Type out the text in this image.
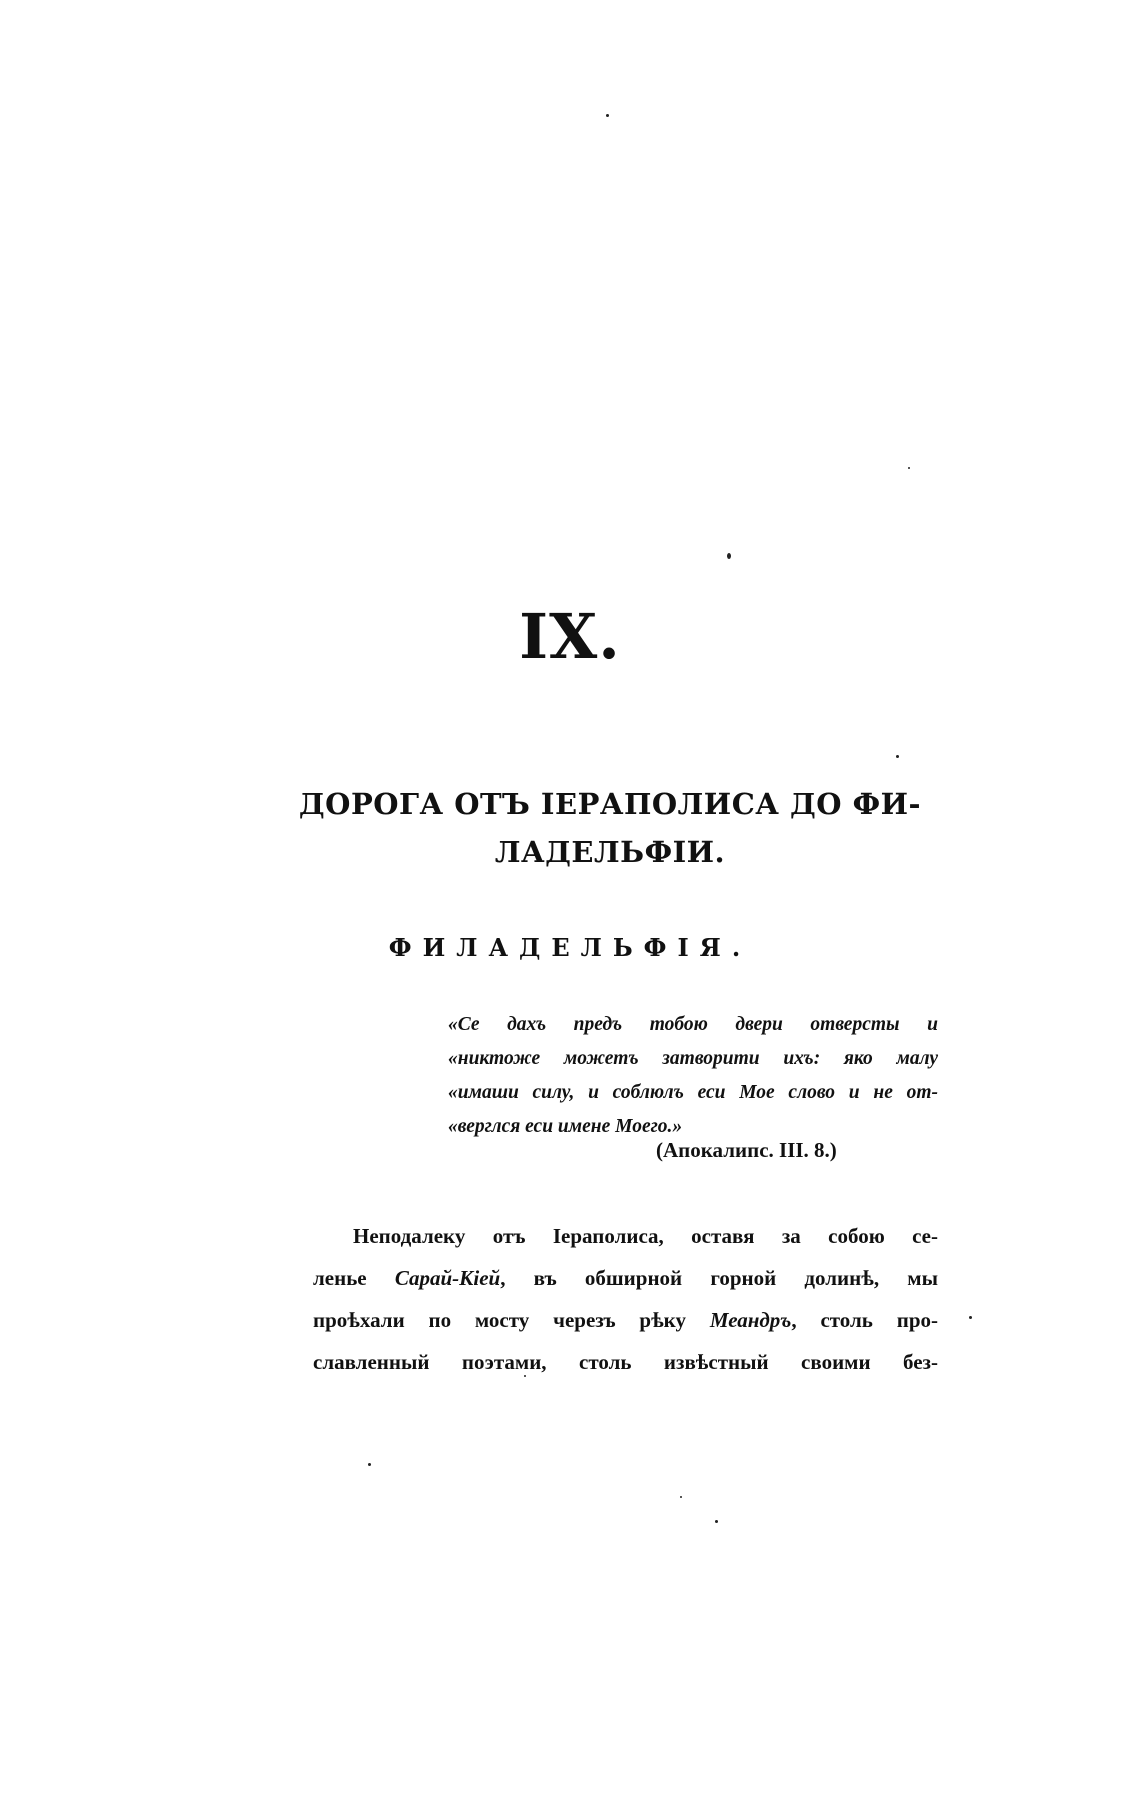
IX.
ДОРОГА ОТЪ ІЕРАПОЛИСА ДО ФИ-
ЛАДЕЛЬФІИ.
ФИЛАДЕЛЬФІЯ.
«Се дахъ предъ тобою двери отверсты и
«никтоже можетъ затворити ихъ: яко малу
«имаши силу, и соблюлъ еси Мое слово и не от-
«верглся еси имене Моего.»
(Апокалипс. III. 8.)
Неподалеку отъ Іераполиса, оставя за собою се-
ленье Сарай-Кіей, въ обширной горной долинѣ, мы
проѣхали по мосту черезъ рѣку Меандръ, столь про-
славленный поэтами, столь извѣстный своими без-
